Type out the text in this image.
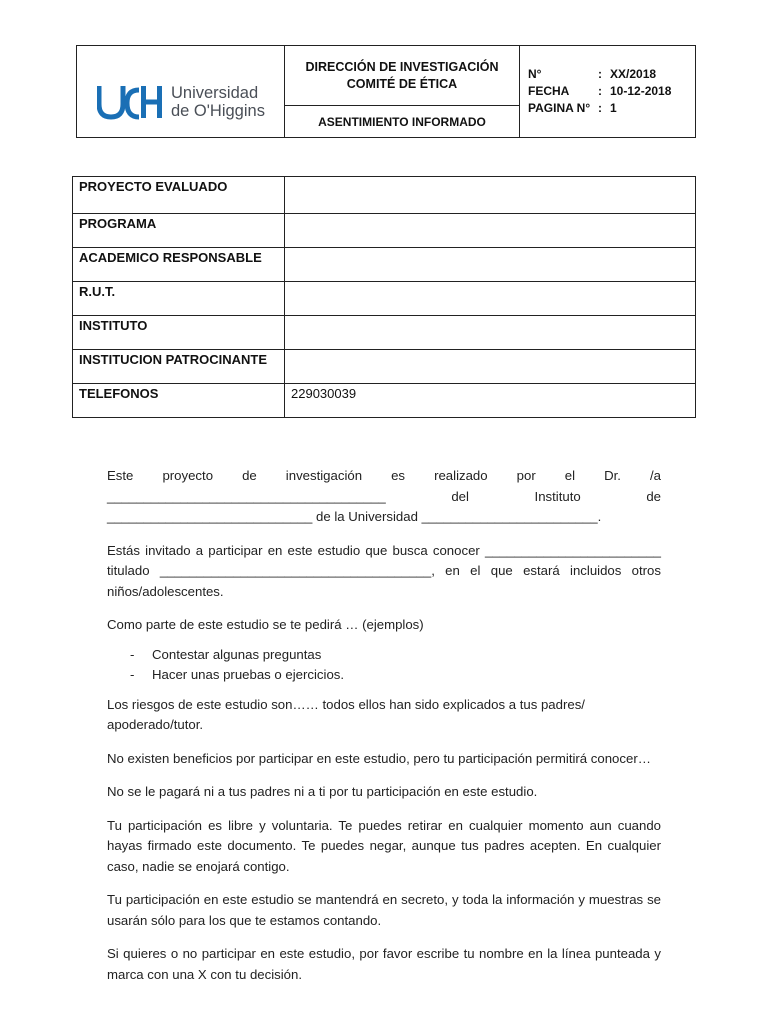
Universidad
de O'Higgins
DIRECCIÓN DE INVESTIGACIÓN
COMITÉ DE ÉTICA
ASENTIMIENTO INFORMADO
N°	: XX/2018
FECHA	: 10-12-2018
PAGINA N° : 1
PROYECTO EVALUADO	
PROGRAMA	
ACADEMICO RESPONSABLE	
R.U.T.	
INSTITUTO	
INSTITUCION PATROCINANTE	
TELEFONOS	229030039

Este proyecto de investigación es realizado por el Dr. /a ______________________________________ del Instituto de ____________________________ de la Universidad ________________________.

Estás invitado a participar en este estudio que busca conocer ________________________ titulado _____________________________________, en el que estará incluidos otros niños/adolescentes.

Como parte de este estudio se te pedirá … (ejemplos)

-	Contestar algunas preguntas
-	Hacer unas pruebas o ejercicios.

Los riesgos de este estudio son…… todos ellos han sido explicados a tus padres/ apoderado/tutor.

No existen beneficios por participar en este estudio, pero tu participación permitirá conocer…

No se le pagará ni a tus padres ni a ti por tu participación en este estudio.

Tu participación es libre y voluntaria. Te puedes retirar en cualquier momento aun cuando hayas firmado este documento. Te puedes negar, aunque tus padres acepten. En cualquier caso, nadie se enojará contigo.

Tu participación en este estudio se mantendrá en secreto, y toda la información y muestras se usarán sólo para los que te estamos contando.

Si quieres o no participar en este estudio, por favor escribe tu nombre en la línea punteada y marca con una X con tu decisión.
